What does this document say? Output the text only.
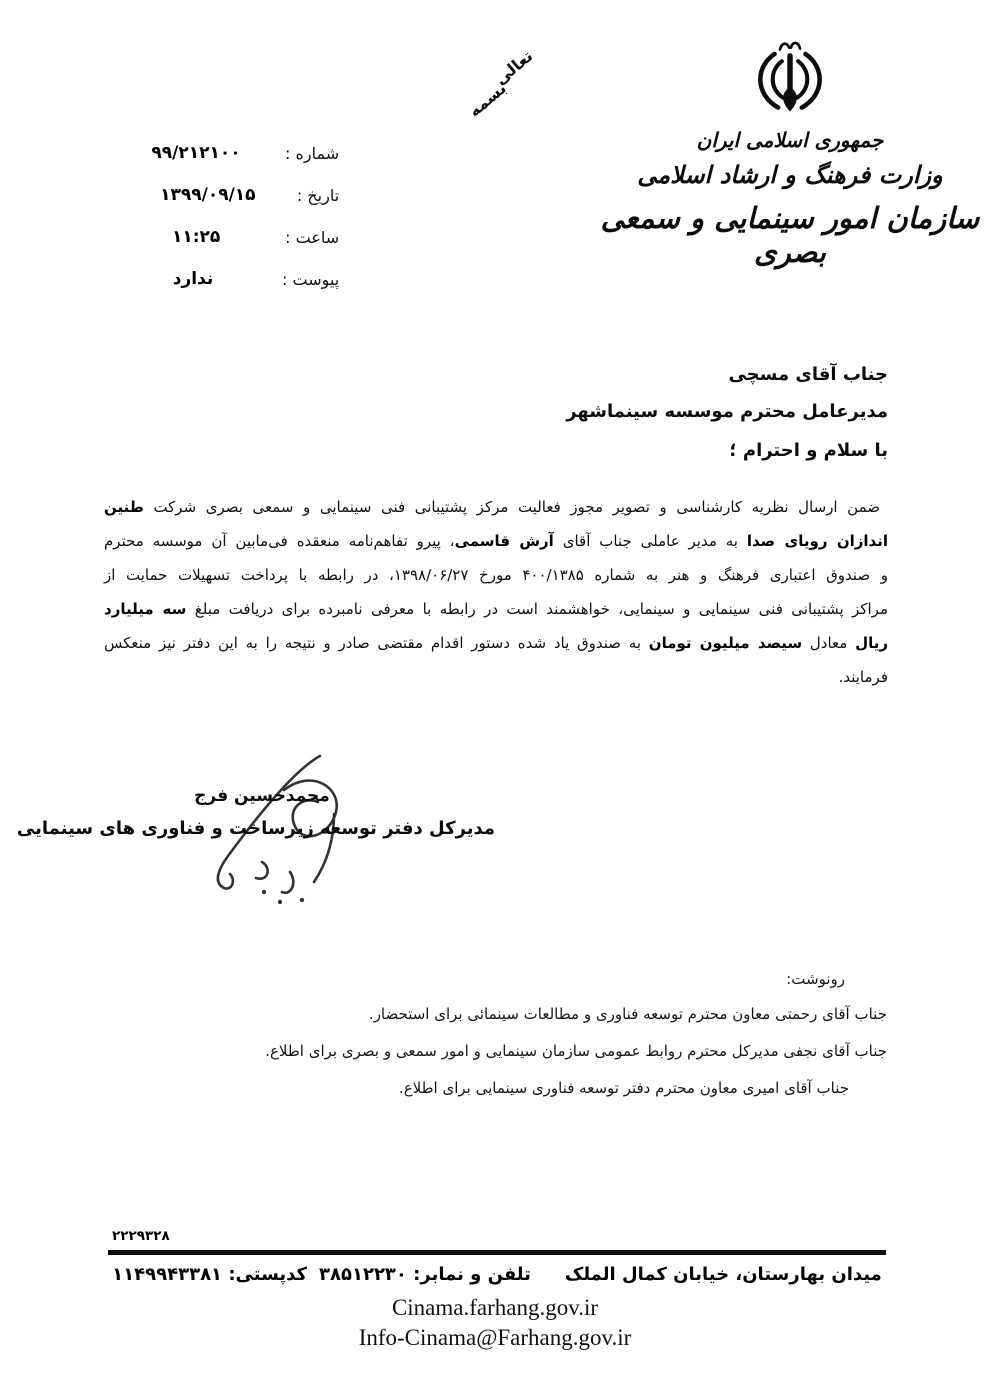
تعالی
بسمه
جمهوری اسلامی ایران
وزارت فرهنگ و ارشاد اسلامی
سازمان امور سینمایی و سمعی بصری
شماره :
۹۹/۲۱۲۱۰۰
تاریخ :
۱۳۹۹/۰۹/۱۵
ساعت :
۱۱:۲۵
پیوست :
ندارد
جناب آقای مسچی
مدیرعامل محترم موسسه سینماشهر
با سلام و احترام ؛
ضمن ارسال نظریه کارشناسی و تصویر مجوز فعالیت مرکز پشتیبانی فنی سینمایی و سمعی بصری شرکت طنین
اندازان رویای صدا به مدیر عاملی جناب آقای آرش قاسمی، پیرو تفاهم‌نامه منعقده فی‌مابین آن موسسه محترم
و صندوق اعتباری فرهنگ و هنر به شماره ۴۰۰/۱۳۸۵ مورخ ۱۳۹۸/۰۶/۲۷، در رابطه با پرداخت تسهیلات حمایت از
مراکز پشتیبانی فنی سینمایی و سینمایی، خواهشمند است در رابطه با معرفی نامبرده برای دریافت مبلغ سه میلیارد
ریال معادل سیصد میلیون تومان به صندوق یاد شده دستور اقدام مقتضی صادر و نتیجه را به این دفتر نیز منعکس
فرمایند.
محمدحسین فرج
مدیرکل دفتر توسعه زیرساخت و فناوری های سینمایی
رونوشت:
جناب آقای رحمتی معاون محترم توسعه فناوری و مطالعات سینمائی برای استحضار.
جناب آقای نجفی مدیرکل محترم روابط عمومی سازمان سینمایی و امور سمعی و بصری برای اطلاع.
جناب آقای امیری معاون محترم دفتر توسعه فناوری سینمایی برای اطلاع.
۲۲۲۹۳۲۸
میدان بهارستان، خیابان کمال الملک
تلفن و نمابر: ۳۸۵۱۲۲۳۰
کدپستی: ۱۱۴۹۹۴۳۳۸۱
Cinama.farhang.gov.ir
Info-Cinama@Farhang.gov.ir
